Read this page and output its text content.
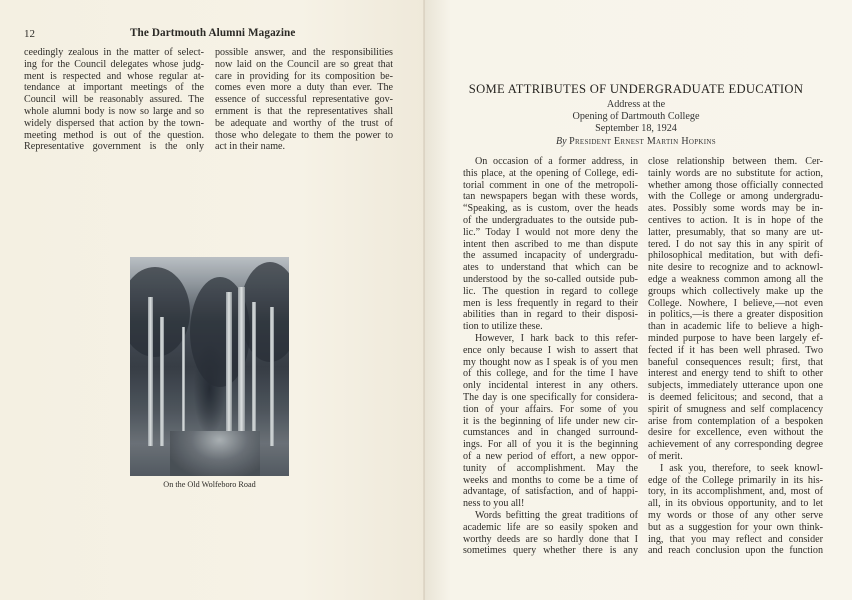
12	The Dartmouth Alumni Magazine
ceedingly zealous in the matter of select-
ing for the Council delegates whose judg-
ment is respected and whose regular at-
tendance at important meetings of the
Council will be reasonably assured. The
whole alumni body is now so large and so
widely dispersed that action by the town-
meeting method is out of the question.
Representative government is the only
possible answer, and the responsibilities
now laid on the Council are so great that
care in providing for its composition be-
comes even more a duty than ever. The
essence of successful representative gov-
ernment is that the representatives shall
be adequate and worthy of the trust of
those who delegate to them the power to
act in their name.
On the Old Wolfeboro Road
SOME ATTRIBUTES OF UNDERGRADUATE EDUCATION
Address at the
Opening of Dartmouth College
September 18, 1924
By President Ernest Martin Hopkins
On occasion of a former address, in
this place, at the opening of College, edi-
torial comment in one of the metropoli-
tan newspapers began with these words,
“Speaking, as is custom, over the heads
of the undergraduates to the outside pub-
lic.” Today I would not more deny the
intent then ascribed to me than dispute
the assumed incapacity of undergradu-
ates to understand that which can be
understood by the so-called outside pub-
lic. The question in regard to college
men is less frequently in regard to their
abilities than in regard to their disposi-
tion to utilize these.
However, I hark back to this refer-
ence only because I wish to assert that
my thought now as I speak is of you men
of this college, and for the time I have
only incidental interest in any others.
The day is one specifically for considera-
tion of your affairs. For some of you
it is the beginning of life under new cir-
cumstances and in changed surround-
ings. For all of you it is the beginning
of a new period of effort, a new oppor-
tunity of accomplishment. May the
weeks and months to come be a time of
advantage, of satisfaction, and of happi-
ness to you all!
Words befitting the great traditions of
academic life are so easily spoken and
worthy deeds are so hardly done that I
sometimes query whether there is any
close relationship between them. Cer-
tainly words are no substitute for action,
whether among those officially connected
with the College or among undergradu-
ates. Possibly some words may be in-
centives to action. It is in hope of the
latter, presumably, that so many are ut-
tered. I do not say this in any spirit of
philosophical meditation, but with defi-
nite desire to recognize and to acknowl-
edge a weakness common among all the
groups which collectively make up the
College. Nowhere, I believe,—not even
in politics,—is there a greater disposition
than in academic life to believe a high-
minded purpose to have been largely ef-
fected if it has been well phrased. Two
baneful consequences result; first, that
interest and energy tend to shift to other
subjects, immediately utterance upon one
is deemed felicitous; and second, that a
spirit of smugness and self complacency
arise from contemplation of a bespoken
desire for excellence, even without the
achievement of any corresponding degree
of merit.
I ask you, therefore, to seek knowl-
edge of the College primarily in its his-
tory, in its accomplishment, and, most of
all, in its obvious opportunity, and to let
my words or those of any other serve
but as a suggestion for your own think-
ing, that you may reflect and consider
and reach conclusion upon the function
